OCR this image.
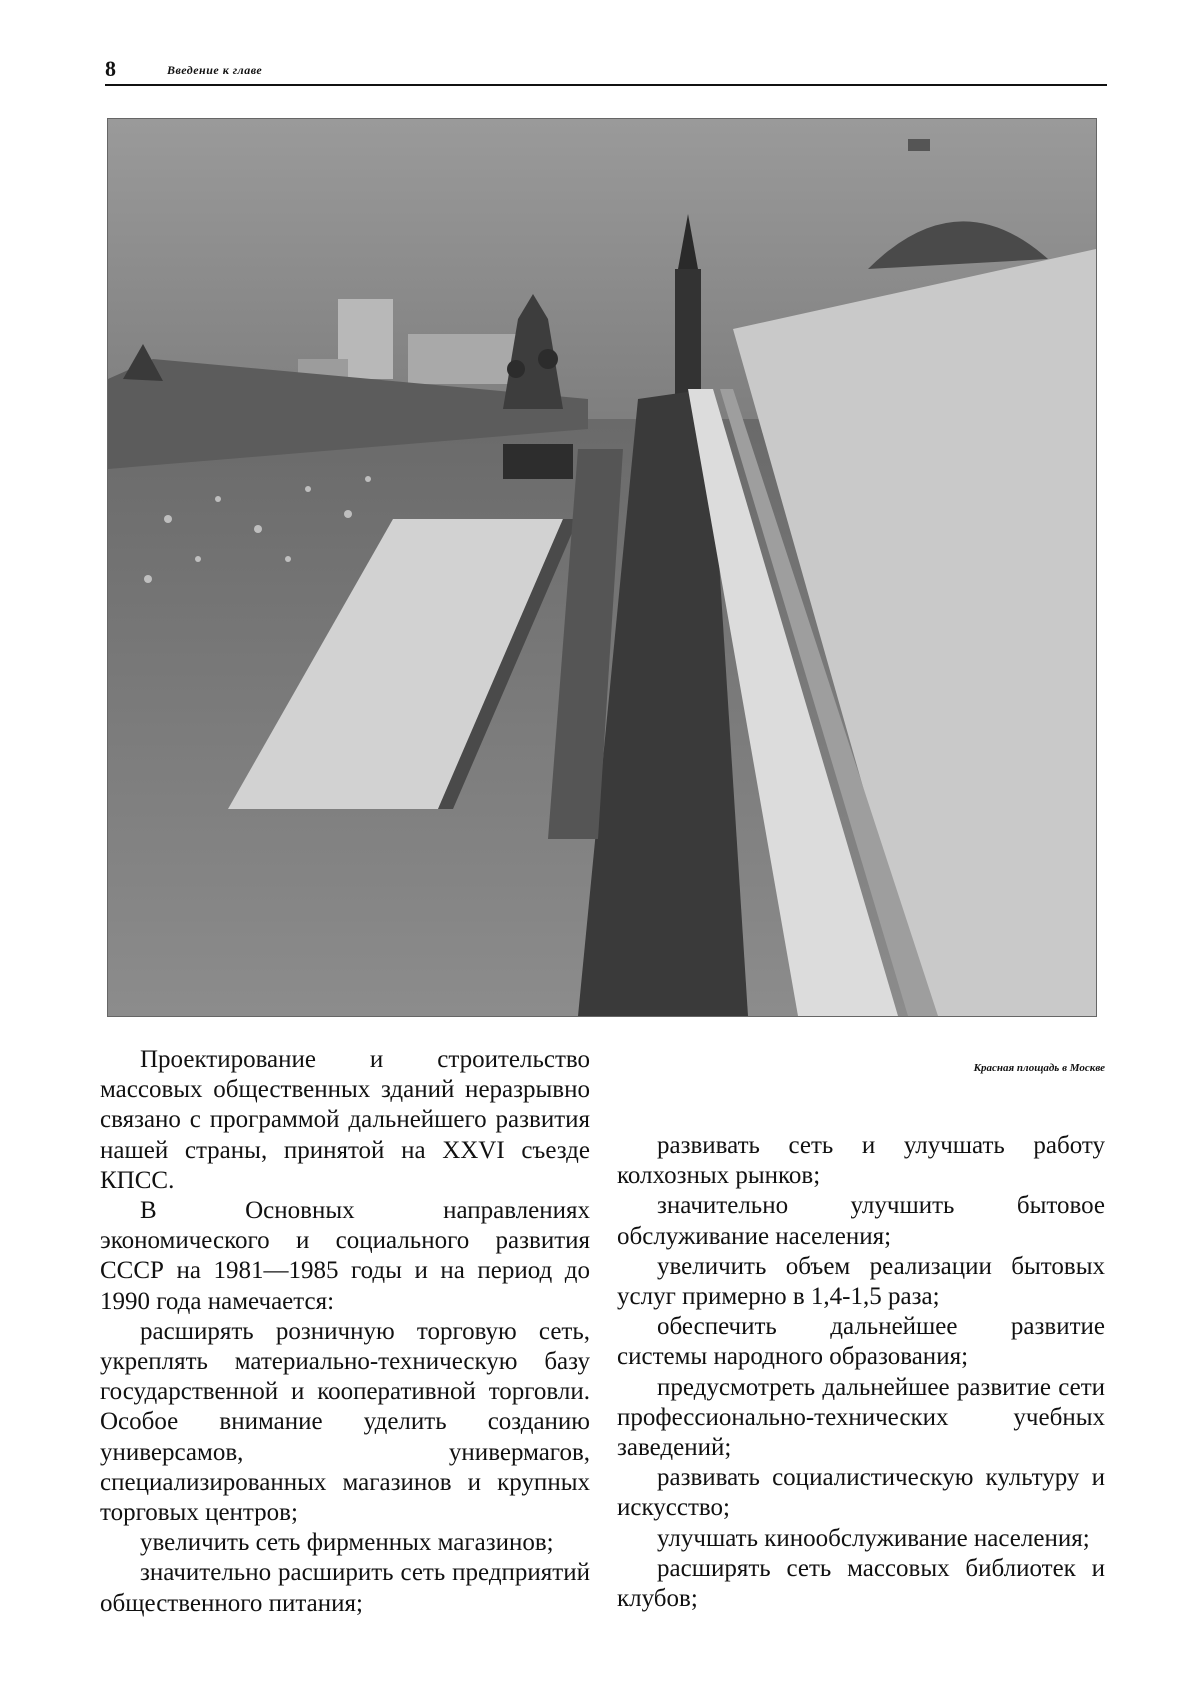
8	Введение к главе
Красная площадь в Москве

Проектирование и строительство массовых общественных зданий неразрывно связано с программой дальнейшего развития нашей страны, принятой на XXVI съезде КПСС.

В Основных направлениях экономического и социального развития СССР на 1981—1985 годы и на период до 1990 года намечается:

расширять розничную торговую сеть, укреплять материально-техническую базу государственной и кооперативной торговли. Особое внимание уделить созданию универсамов, универмагов, специализированных магазинов и крупных торговых центров;

увеличить сеть фирменных магазинов;

значительно расширить сеть предприятий общественного питания;

развивать сеть и улучшать работу колхозных рынков;

значительно улучшить бытовое обслуживание населения;

увеличить объем реализации бытовых услуг примерно в 1,4-1,5 раза;

обеспечить дальнейшее развитие системы народного образования;

предусмотреть дальнейшее развитие сети профессионально-технических учебных заведений;

развивать социалистическую культуру и искусство;

улучшать кинообслуживание населения;

расширять сеть массовых библиотек и клубов;
